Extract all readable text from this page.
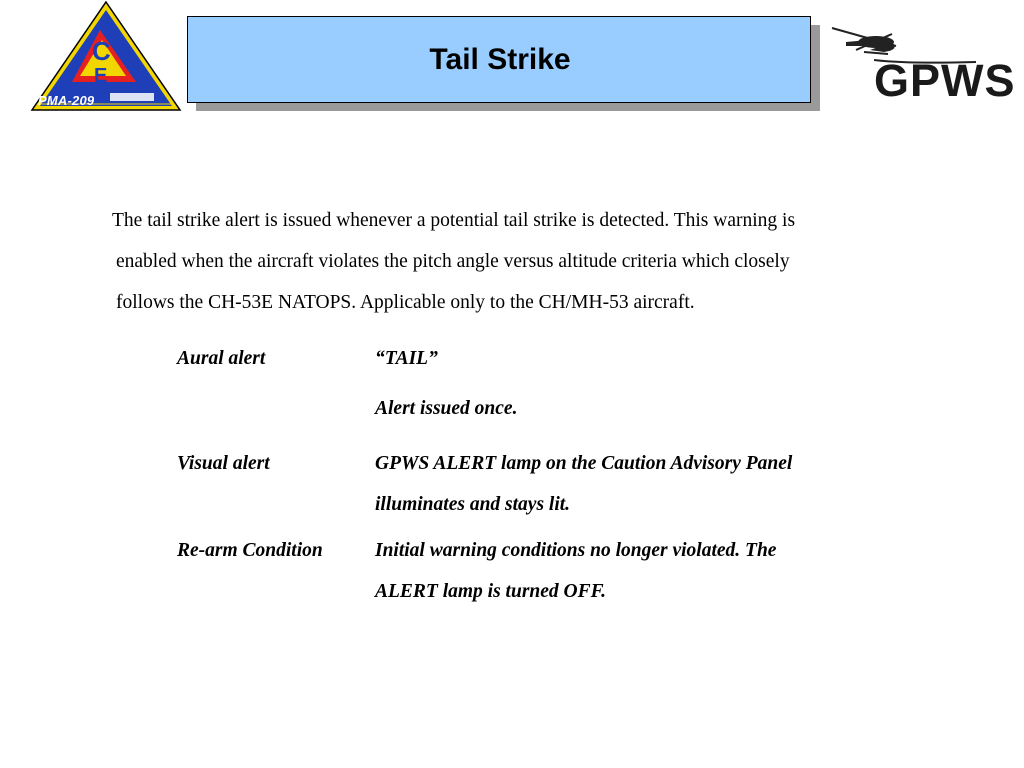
C
E
PMA-209
Tail Strike	GPWS
The tail strike alert is issued whenever a potential tail strike is detected. This warning is
enabled when the aircraft violates the pitch angle versus altitude criteria which closely
follows the CH-53E NATOPS. Applicable only to the CH/MH-53 aircraft.
Aural alert	“TAIL”
Alert issued once.
Visual alert	GPWS ALERT lamp on the Caution Advisory Panel
illuminates and stays lit.
Re-arm Condition	Initial warning conditions no longer violated. The
ALERT lamp is turned OFF.
